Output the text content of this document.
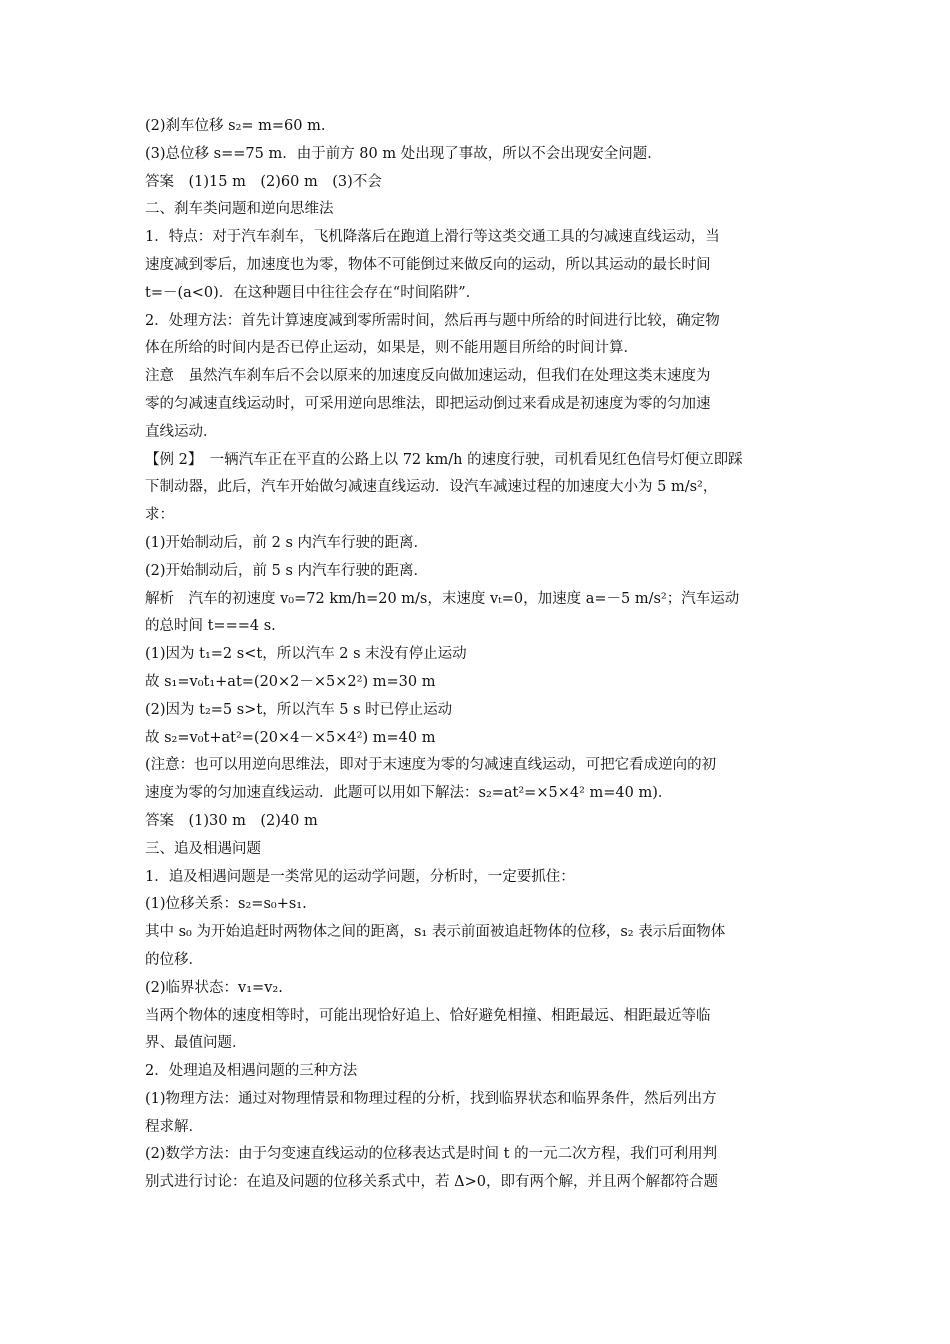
(2)刹车位移 s₂= m=60 m.

(3)总位移 s==75 m．由于前方 80 m 处出现了事故，所以不会出现安全问题．

答案　(1)15 m　(2)60 m　(3)不会

二、刹车类问题和逆向思维法

1．特点：对于汽车刹车，飞机降落后在跑道上滑行等这类交通工具的匀减速直线运动，当

速度减到零后，加速度也为零，物体不可能倒过来做反向的运动，所以其运动的最长时间

t=－(a<0)．在这种题目中往往会存在“时间陷阱”．

2．处理方法：首先计算速度减到零所需时间，然后再与题中所给的时间进行比较，确定物

体在所给的时间内是否已停止运动，如果是，则不能用题目所给的时间计算．

注意　虽然汽车刹车后不会以原来的加速度反向做加速运动，但我们在处理这类末速度为

零的匀减速直线运动时，可采用逆向思维法，即把运动倒过来看成是初速度为零的匀加速

直线运动．

【例 2】　一辆汽车正在平直的公路上以 72 km/h 的速度行驶，司机看见红色信号灯便立即踩

下制动器，此后，汽车开始做匀减速直线运动．设汽车减速过程的加速度大小为 5 m/s²，

求：

(1)开始制动后，前 2 s 内汽车行驶的距离．

(2)开始制动后，前 5 s 内汽车行驶的距离．

解析　汽车的初速度 v₀=72 km/h=20 m/s，末速度 vₜ=0，加速度 a=－5 m/s²；汽车运动

的总时间 t===4 s.

(1)因为 t₁=2 s<t，所以汽车 2 s 末没有停止运动

故 s₁=v₀t₁+at=(20×2－×5×2²) m=30 m

(2)因为 t₂=5 s>t，所以汽车 5 s 时已停止运动

故 s₂=v₀t+at²=(20×4－×5×4²) m=40 m

(注意：也可以用逆向思维法，即对于末速度为零的匀减速直线运动，可把它看成逆向的初

速度为零的匀加速直线运动．此题可以用如下解法：s₂=at²=×5×4² m=40 m)．

答案　(1)30 m　(2)40 m

三、追及相遇问题

1．追及相遇问题是一类常见的运动学问题，分析时，一定要抓住：

(1)位移关系：s₂=s₀+s₁.

其中 s₀ 为开始追赶时两物体之间的距离，s₁ 表示前面被追赶物体的位移，s₂ 表示后面物体

的位移．

(2)临界状态：v₁=v₂.

当两个物体的速度相等时，可能出现恰好追上、恰好避免相撞、相距最远、相距最近等临

界、最值问题．

2．处理追及相遇问题的三种方法

(1)物理方法：通过对物理情景和物理过程的分析，找到临界状态和临界条件，然后列出方

程求解．

(2)数学方法：由于匀变速直线运动的位移表达式是时间 t 的一元二次方程，我们可利用判

别式进行讨论：在追及问题的位移关系式中，若 Δ>0，即有两个解，并且两个解都符合题
